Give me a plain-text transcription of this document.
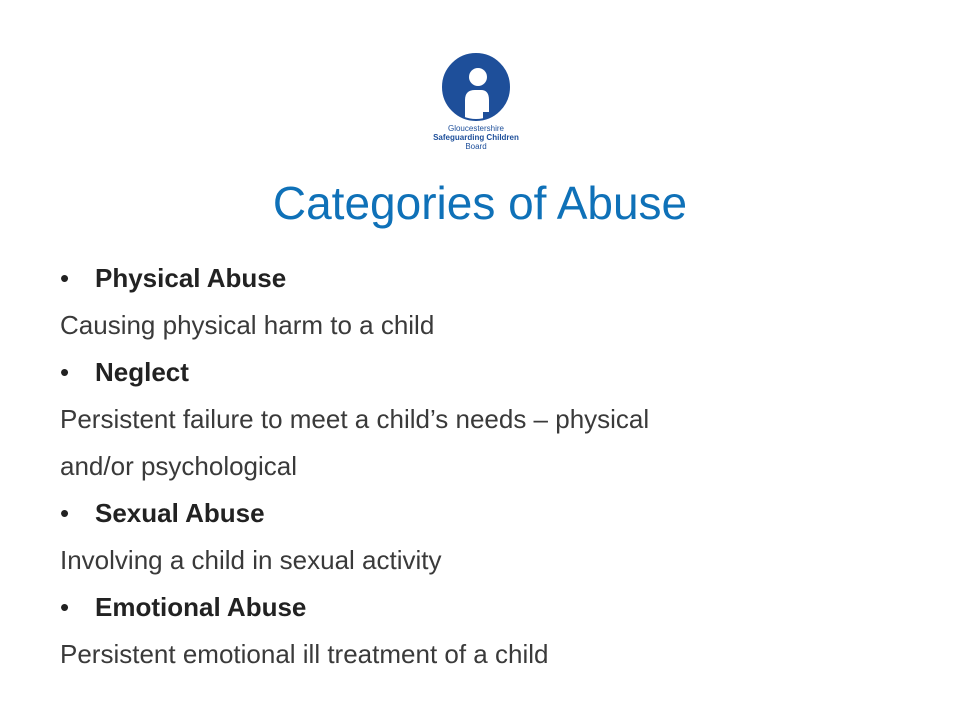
Gloucestershire
Safeguarding Children
Board
Categories of Abuse
• Physical Abuse
Causing physical harm to a child
• Neglect
Persistent failure to meet a child’s needs – physical
and/or psychological
• Sexual Abuse
Involving a child in sexual activity
• Emotional Abuse
Persistent emotional ill treatment of a child
